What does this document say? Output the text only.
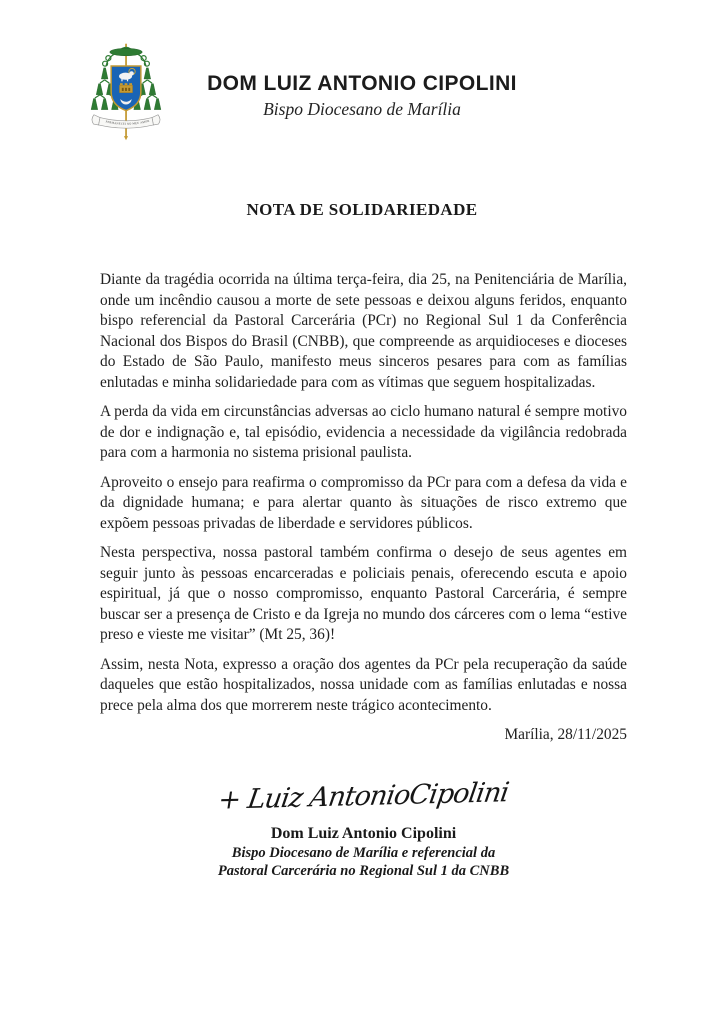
PERMANECEI NO MEU AMOR
DOM LUIZ ANTONIO CIPOLINI
Bispo Diocesano de Marília
NOTA DE SOLIDARIEDADE

Diante da tragédia ocorrida na última terça-feira, dia 25, na Penitenciária de Marília, onde um incêndio causou a morte de sete pessoas e deixou alguns feridos, enquanto bispo referencial da Pastoral Carcerária (PCr) no Regional Sul 1 da Conferência Nacional dos Bispos do Brasil (CNBB), que compreende as arquidioceses e dioceses do Estado de São Paulo, manifesto meus sinceros pesares para com as famílias enlutadas e minha solidariedade para com as vítimas que seguem hospitalizadas.

A perda da vida em circunstâncias adversas ao ciclo humano natural é sempre motivo de dor e indignação e, tal episódio, evidencia a necessidade da vigilância redobrada para com a harmonia no sistema prisional paulista.

Aproveito o ensejo para reafirma o compromisso da PCr para com a defesa da vida e da dignidade humana; e para alertar quanto às situações de risco extremo que expõem pessoas privadas de liberdade e servidores públicos.

Nesta perspectiva, nossa pastoral também confirma o desejo de seus agentes em seguir junto às pessoas encarceradas e policiais penais, oferecendo escuta e apoio espiritual, já que o nosso compromisso, enquanto Pastoral Carcerária, é sempre buscar ser a presença de Cristo e da Igreja no mundo dos cárceres com o lema “estive preso e vieste me visitar” (Mt 25, 36)!

Assim, nesta Nota, expresso a oração dos agentes da PCr pela recuperação da saúde daqueles que estão hospitalizados, nossa unidade com as famílias enlutadas e nossa prece pela alma dos que morrerem neste trágico acontecimento.

Marília, 28/11/2025
+ Luiz AntonioCipolini
Dom Luiz Antonio Cipolini
Bispo Diocesano de Marília e referencial da
Pastoral Carcerária no Regional Sul 1 da CNBB
